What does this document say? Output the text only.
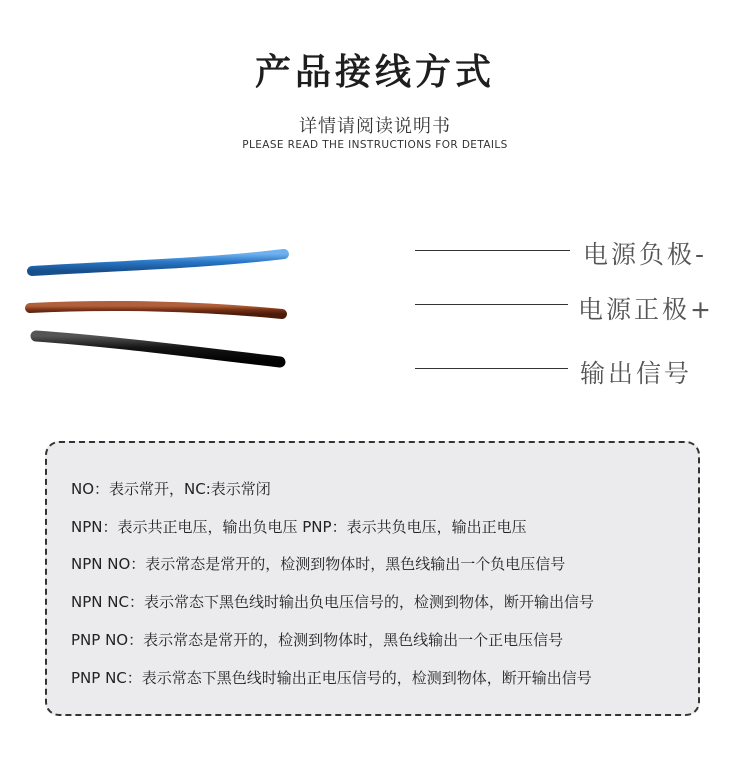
产品接线方式
详情请阅读说明书
PLEASE READ THE INSTRUCTIONS FOR DETAILS
电源负极-
电源正极+
输出信号
NO：表示常开，NC:表示常闭
NPN：表示共正电压，输出负电压 PNP：表示共负电压，输出正电压
NPN NO：表示常态是常开的，检测到物体时，黑色线输出一个负电压信号
NPN NC：表示常态下黑色线时输出负电压信号的，检测到物体，断开输出信号
PNP NO：表示常态是常开的，检测到物体时，黑色线输出一个正电压信号
PNP NC：表示常态下黑色线时输出正电压信号的，检测到物体，断开输出信号
